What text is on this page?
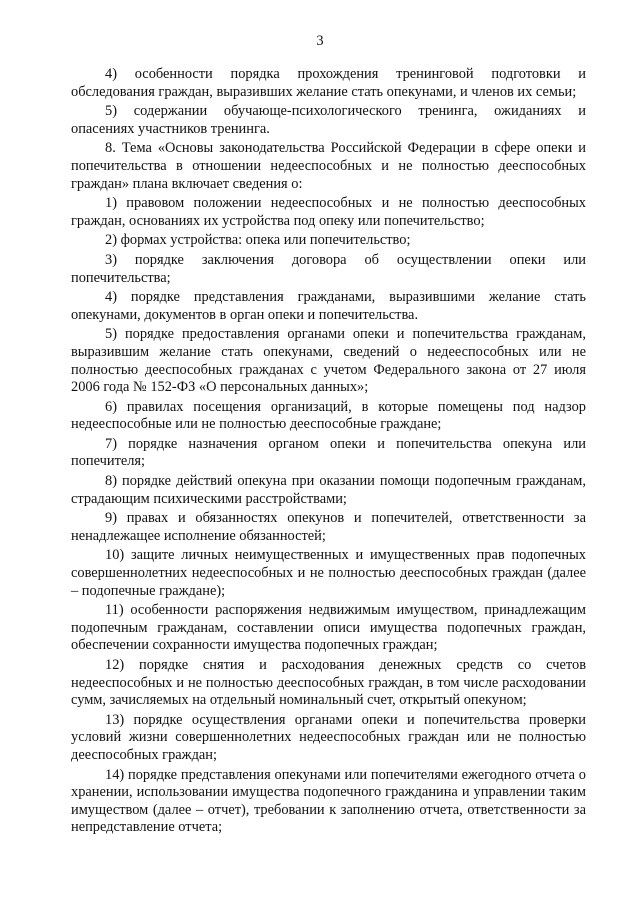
3

4) особенности порядка прохождения тренинговой подготовки и обследования граждан, выразивших желание стать опекунами, и членов их семьи;

5) содержании обучающе-психологического тренинга, ожиданиях и опасениях участников тренинга.

8. Тема «Основы законодательства Российской Федерации в сфере опеки и попечительства в отношении недееспособных и не полностью дееспособных граждан» плана включает сведения о:

1) правовом положении недееспособных и не полностью дееспособных граждан, основаниях их устройства под опеку или попечительство;

2) формах устройства: опека или попечительство;

3) порядке заключения договора об осуществлении опеки или попечительства;

4) порядке представления гражданами, выразившими желание стать опекунами, документов в орган опеки и попечительства.

5) порядке предоставления органами опеки и попечительства гражданам, выразившим желание стать опекунами, сведений о недееспособных или не полностью дееспособных гражданах с учетом Федерального закона от 27 июля 2006 года № 152-ФЗ «О персональных данных»;

6) правилах посещения организаций, в которые помещены под надзор недееспособные или не полностью дееспособные граждане;

7) порядке назначения органом опеки и попечительства опекуна или попечителя;

8) порядке действий опекуна при оказании помощи подопечным гражданам, страдающим психическими расстройствами;

9) правах и обязанностях опекунов и попечителей, ответственности за ненадлежащее исполнение обязанностей;

10) защите личных неимущественных и имущественных прав подопечных совершеннолетних недееспособных и не полностью дееспособных граждан (далее – подопечные граждане);

11) особенности распоряжения недвижимым имуществом, принадлежащим подопечным гражданам, составлении описи имущества подопечных граждан, обеспечении сохранности имущества подопечных граждан;

12) порядке снятия и расходования денежных средств со счетов недееспособных и не полностью дееспособных граждан, в том числе расходовании сумм, зачисляемых на отдельный номинальный счет, открытый опекуном;

13) порядке осуществления органами опеки и попечительства проверки условий жизни совершеннолетних недееспособных граждан или не полностью дееспособных граждан;

14) порядке представления опекунами или попечителями ежегодного отчета о хранении, использовании имущества подопечного гражданина и управлении таким имуществом (далее – отчет), требовании к заполнению отчета, ответственности за непредставление отчета;
